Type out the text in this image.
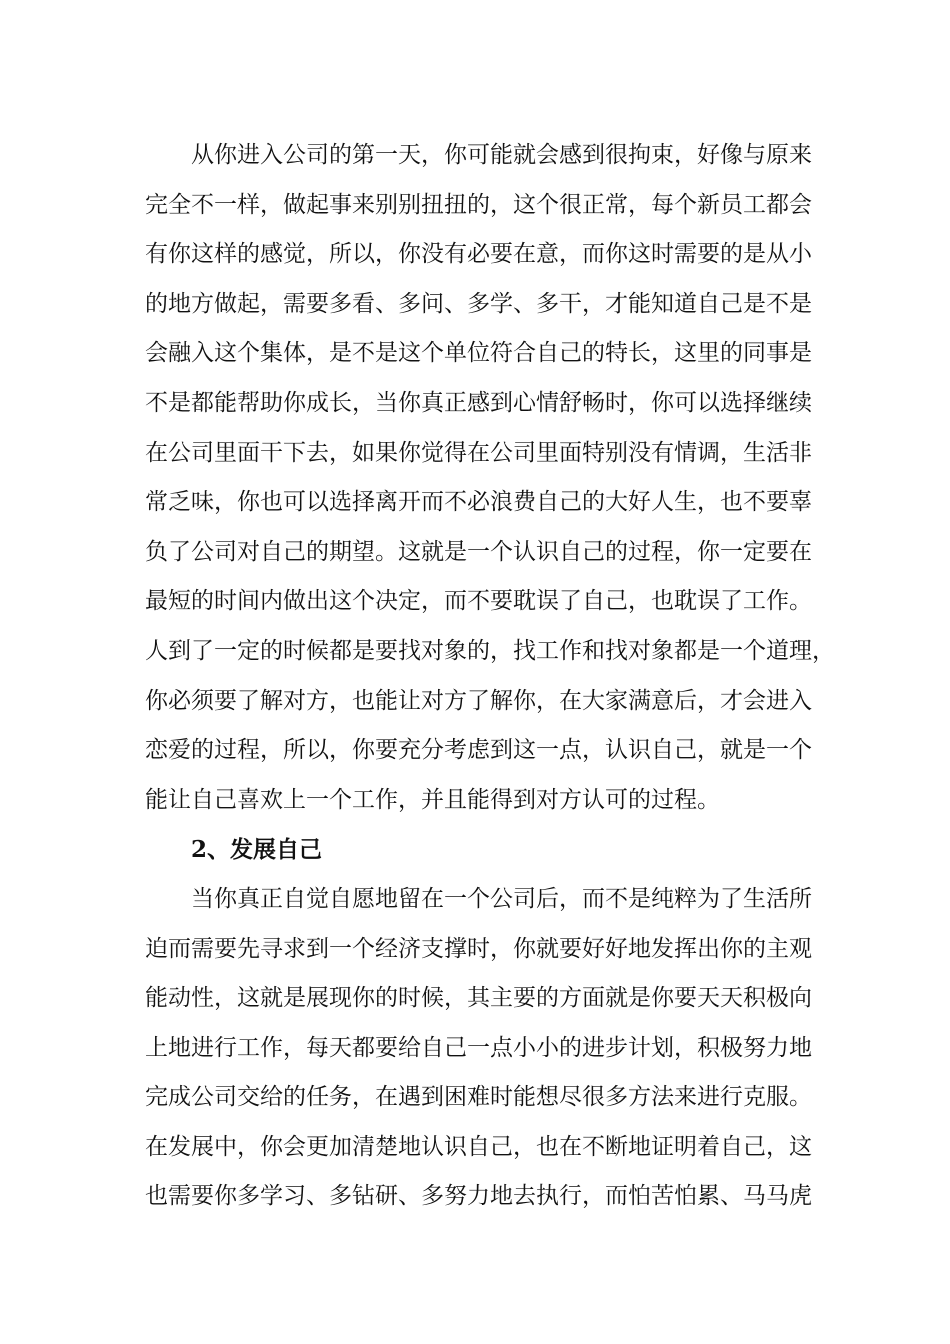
从你进入公司的第一天，你可能就会感到很拘束，好像与原来
完全不一样，做起事来别别扭扭的，这个很正常，每个新员工都会
有你这样的感觉，所以，你没有必要在意，而你这时需要的是从小
的地方做起，需要多看、多问、多学、多干，才能知道自己是不是
会融入这个集体，是不是这个单位符合自己的特长，这里的同事是
不是都能帮助你成长，当你真正感到心情舒畅时，你可以选择继续
在公司里面干下去，如果你觉得在公司里面特别没有情调，生活非
常乏味，你也可以选择离开而不必浪费自己的大好人生，也不要辜
负了公司对自己的期望。这就是一个认识自己的过程，你一定要在
最短的时间内做出这个决定，而不要耽误了自己，也耽误了工作。
人到了一定的时候都是要找对象的，找工作和找对象都是一个道理，
你必须要了解对方，也能让对方了解你，在大家满意后，才会进入
恋爱的过程，所以，你要充分考虑到这一点，认识自己，就是一个
能让自己喜欢上一个工作，并且能得到对方认可的过程。
2、发展自己
当你真正自觉自愿地留在一个公司后，而不是纯粹为了生活所
迫而需要先寻求到一个经济支撑时，你就要好好地发挥出你的主观
能动性，这就是展现你的时候，其主要的方面就是你要天天积极向
上地进行工作，每天都要给自己一点小小的进步计划，积极努力地
完成公司交给的任务，在遇到困难时能想尽很多方法来进行克服。
在发展中，你会更加清楚地认识自己，也在不断地证明着自己，这
也需要你多学习、多钻研、多努力地去执行，而怕苦怕累、马马虎
